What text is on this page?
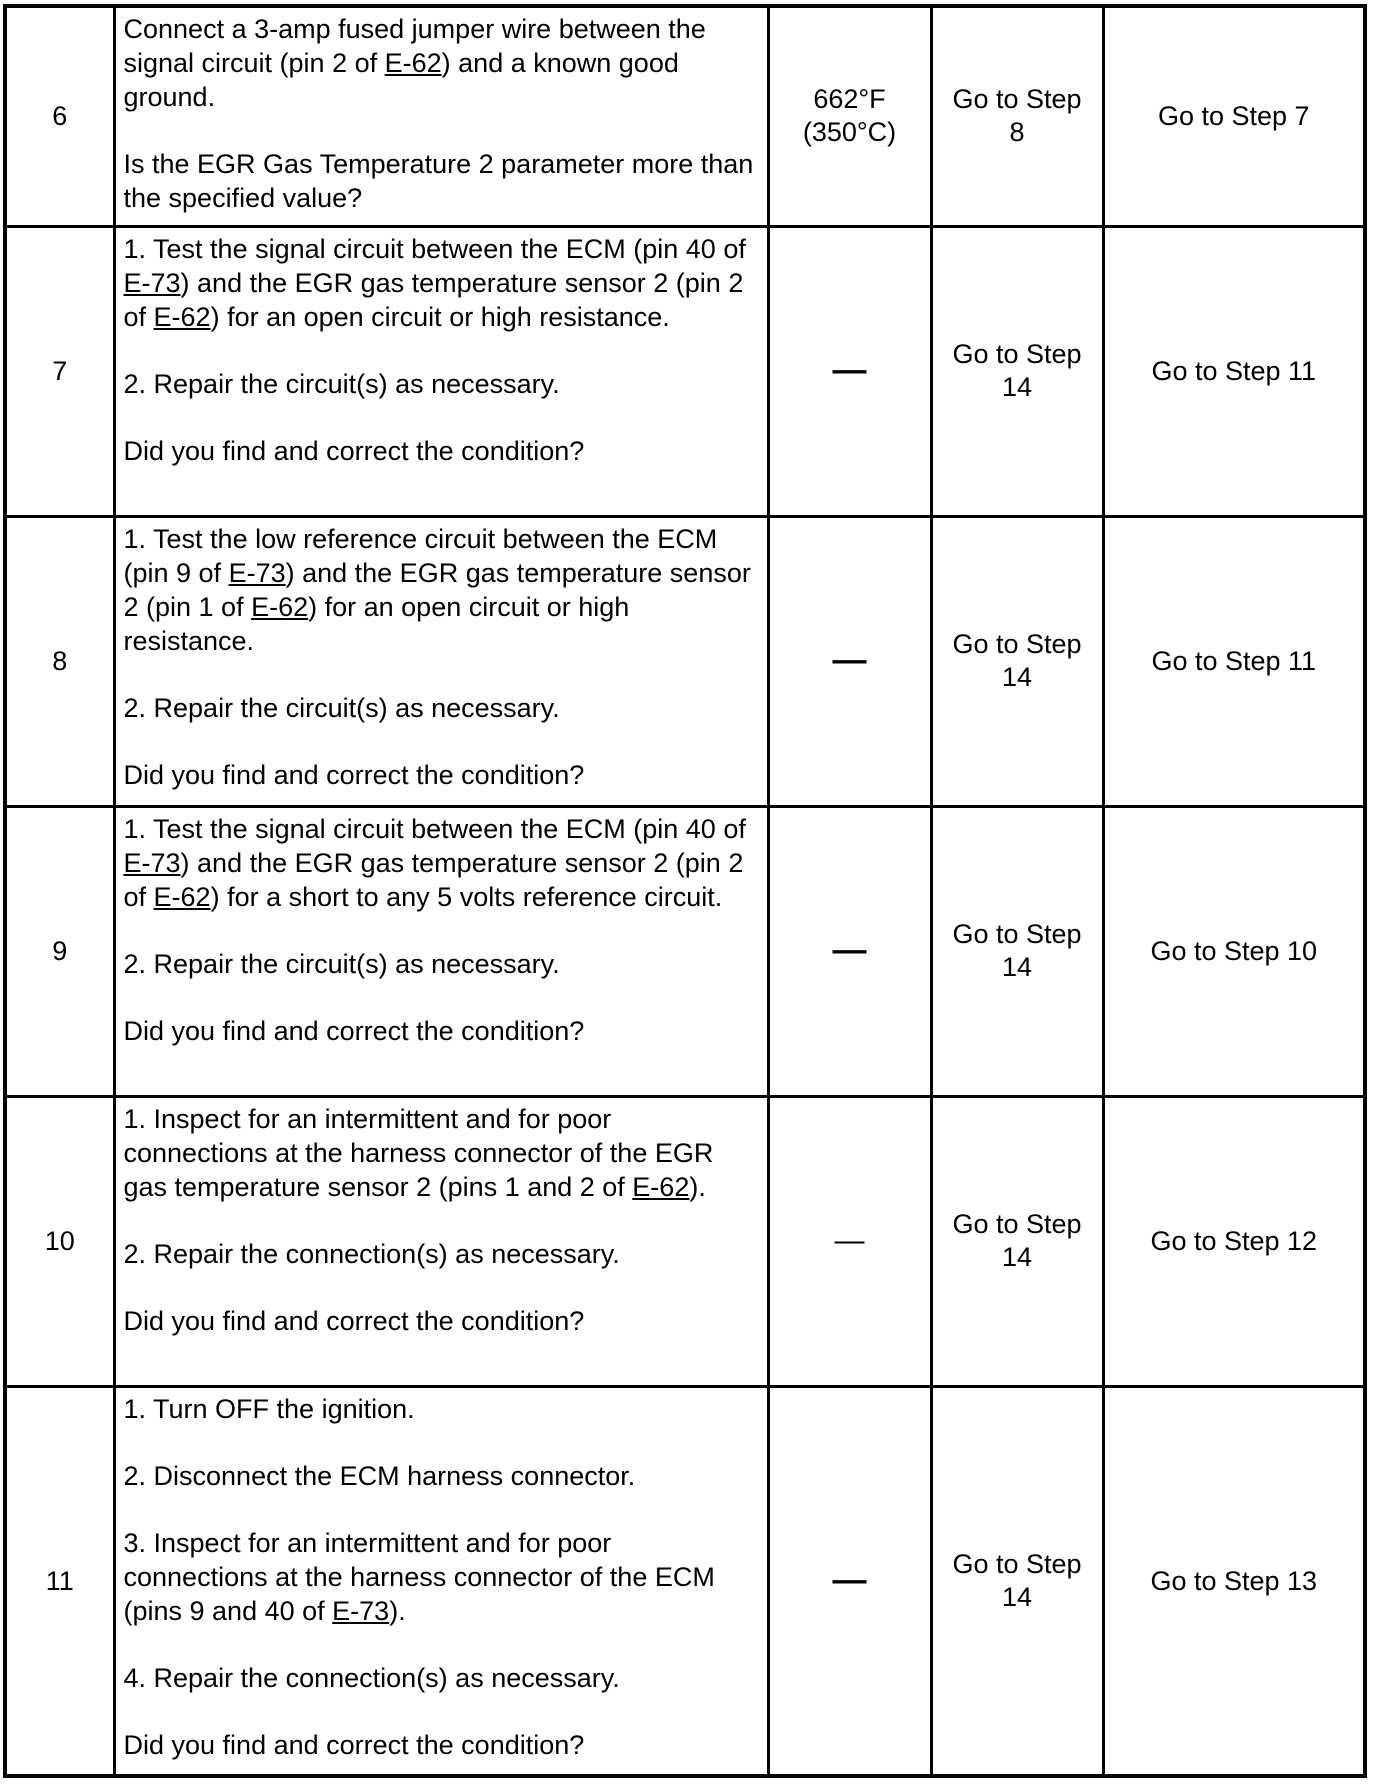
6	Connect a 3-amp fused jumper wire between the signal circuit (pin 2 of E-62) and a known good ground.
Is the EGR Gas Temperature 2 parameter more than the specified value?	662°F (350°C)	Go to Step 8	Go to Step 7
7	1. Test the signal circuit between the ECM (pin 40 of E-73) and the EGR gas temperature sensor 2 (pin 2 of E-62) for an open circuit or high resistance.
2. Repair the circuit(s) as necessary.
Did you find and correct the condition?	—	Go to Step 14	Go to Step 11
8	1. Test the low reference circuit between the ECM (pin 9 of E-73) and the EGR gas temperature sensor 2 (pin 1 of E-62) for an open circuit or high resistance.
2. Repair the circuit(s) as necessary.
Did you find and correct the condition?	—	Go to Step 14	Go to Step 11
9	1. Test the signal circuit between the ECM (pin 40 of E-73) and the EGR gas temperature sensor 2 (pin 2 of E-62) for a short to any 5 volts reference circuit.
2. Repair the circuit(s) as necessary.
Did you find and correct the condition?	—	Go to Step 14	Go to Step 10
10	1. Inspect for an intermittent and for poor connections at the harness connector of the EGR gas temperature sensor 2 (pins 1 and 2 of E-62).
2. Repair the connection(s) as necessary.
Did you find and correct the condition?	—	Go to Step 14	Go to Step 12
11	1. Turn OFF the ignition.
2. Disconnect the ECM harness connector.
3. Inspect for an intermittent and for poor connections at the harness connector of the ECM (pins 9 and 40 of E-73).
4. Repair the connection(s) as necessary.
Did you find and correct the condition?	—	Go to Step 14	Go to Step 13
